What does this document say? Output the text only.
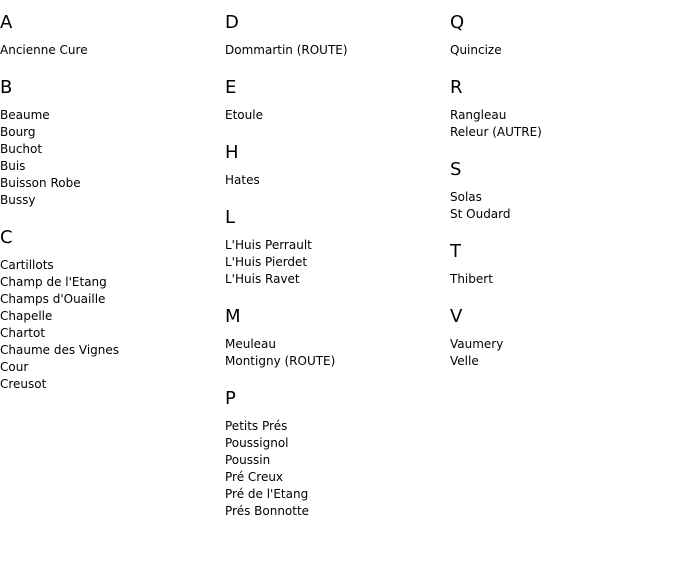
A
Ancienne Cure
B
Beaume
Bourg
Buchot
Buis
Buisson Robe
Bussy
C
Cartillots
Champ de l'Etang
Champs d'Ouaille
Chapelle
Chartot
Chaume des Vignes
Cour
Creusot
D
Dommartin (ROUTE)
E
Etoule
H
Hates
L
L'Huis Perrault
L'Huis Pierdet
L'Huis Ravet
M
Meuleau
Montigny (ROUTE)
P
Petits Prés
Poussignol
Poussin
Pré Creux
Pré de l'Etang
Prés Bonnotte
Q
Quincize
R
Rangleau
Releur (AUTRE)
S
Solas
St Oudard
T
Thibert
V
Vaumery
Velle
